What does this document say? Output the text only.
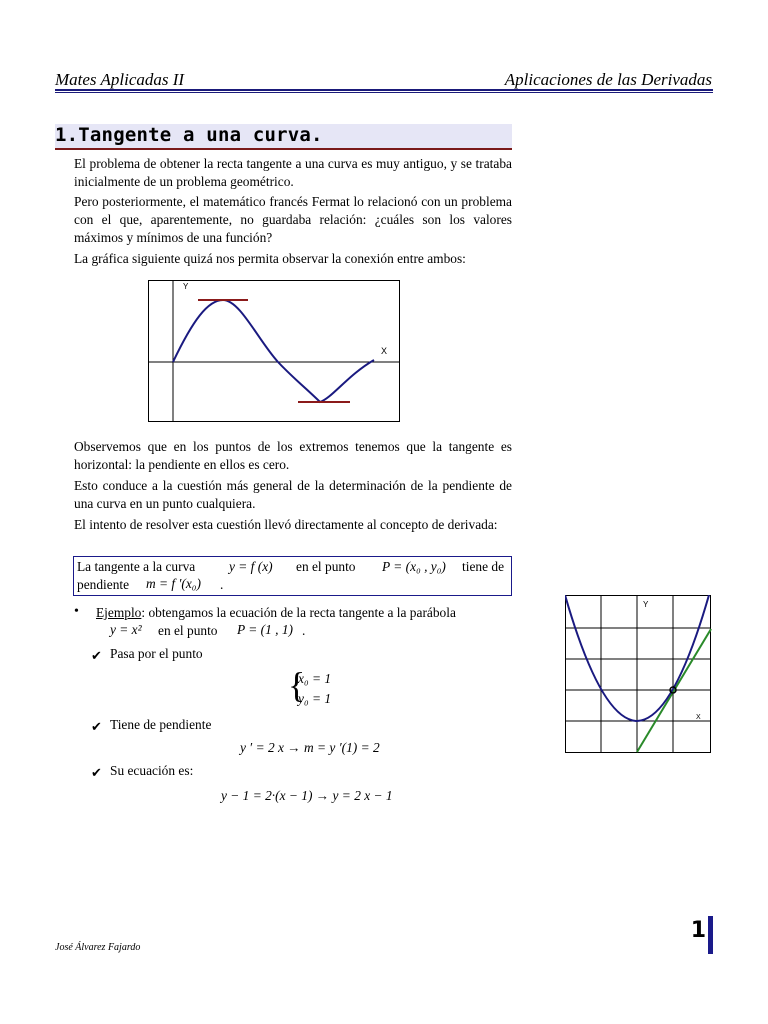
Mates Aplicadas II	Aplicaciones de las Derivadas
1.Tangente a una curva.
El problema de obtener la recta tangente a una curva es muy antiguo, y se trataba inicialmente de un problema geométrico.
Pero posteriormente, el matemático francés Fermat lo relacionó con un problema con el que, aparentemente, no guardaba relación: ¿cuáles son los valores máximos y mínimos de una función?
La gráfica siguiente quizá nos permita observar la conexión entre ambos:
Y
X
Observemos que en los puntos de los extremos tenemos que la tangente es horizontal: la pendiente en ellos es cero.
Esto conduce a la cuestión más general de la determinación de la pendiente de una curva en un punto cualquiera.
El intento de resolver esta cuestión llevó directamente al concepto de derivada:
La tangente a la curva	y = f (x) en el punto P = (x₀ , y₀) tiene de
pendiente m = f ′(x₀) .
• Ejemplo: obtengamos la ecuación de la recta tangente a la parábola
y = x² en el punto P = (1 , 1) .
✔ Pasa por el punto
{
x₀ = 1
y₀ = 1
✔ Tiene de pendiente
y ′ = 2 x → m = y ′(1) = 2
✔ Su ecuación es:
y − 1 = 2·(x − 1) → y = 2 x − 1
Y
X
1
José Álvarez Fajardo
